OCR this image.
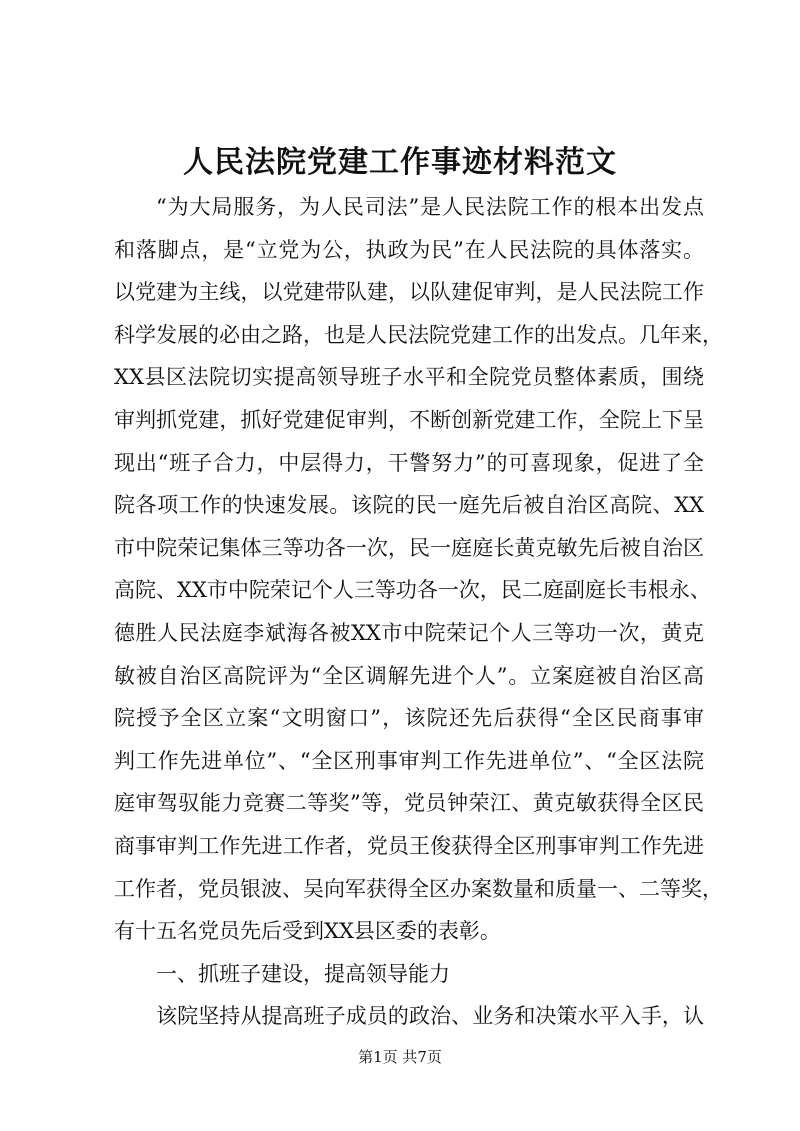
人民法院党建工作事迹材料范文
“为大局服务，为人民司法”是人民法院工作的根本出发点
和落脚点，是“立党为公，执政为民”在人民法院的具体落实。
以党建为主线，以党建带队建，以队建促审判，是人民法院工作
科学发展的必由之路，也是人民法院党建工作的出发点。几年来，
XX县区法院切实提高领导班子水平和全院党员整体素质，围绕
审判抓党建，抓好党建促审判，不断创新党建工作，全院上下呈
现出“班子合力，中层得力，干警努力”的可喜现象，促进了全
院各项工作的快速发展。该院的民一庭先后被自治区高院、XX
市中院荣记集体三等功各一次，民一庭庭长黄克敏先后被自治区
高院、XX市中院荣记个人三等功各一次，民二庭副庭长韦根永、
德胜人民法庭李斌海各被XX市中院荣记个人三等功一次，黄克
敏被自治区高院评为“全区调解先进个人”。立案庭被自治区高
院授予全区立案“文明窗口”，该院还先后获得“全区民商事审
判工作先进单位”、“全区刑事审判工作先进单位”、“全区法院
庭审驾驭能力竞赛二等奖”等，党员钟荣江、黄克敏获得全区民
商事审判工作先进工作者，党员王俊获得全区刑事审判工作先进
工作者，党员银波、吴向军获得全区办案数量和质量一、二等奖，
有十五名党员先后受到XX县区委的表彰。
一、抓班子建设，提高领导能力
该院坚持从提高班子成员的政治、业务和决策水平入手，认
第1页 共7页
